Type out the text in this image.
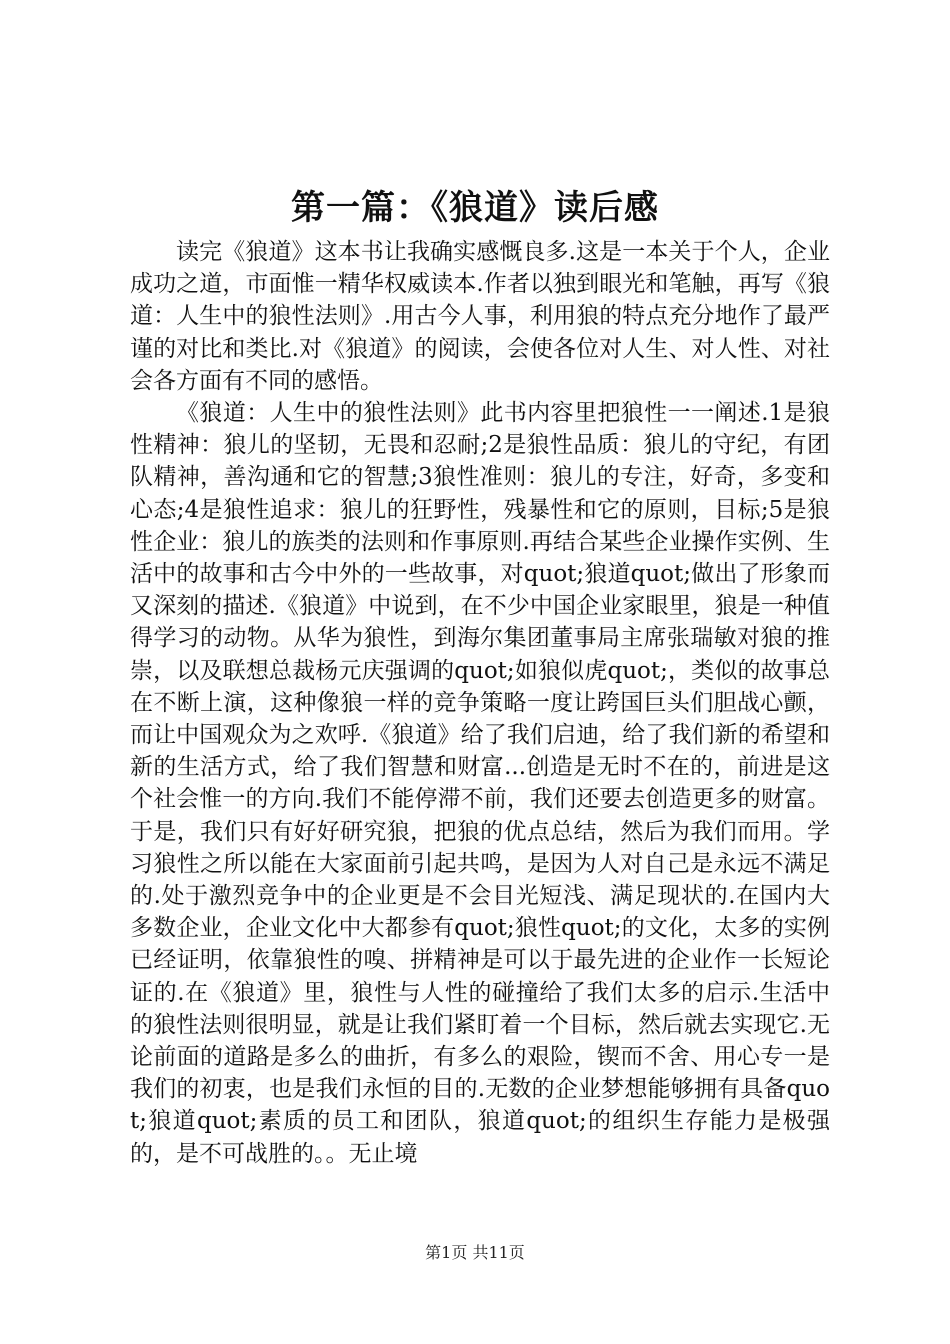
第一篇：《狼道》读后感

读完《狼道》这本书让我确实感慨良多.这是一本关于个人，企业成功之道，市面惟一精华权威读本.作者以独到眼光和笔触，再写《狼道：人生中的狼性法则》.用古今人事，利用狼的特点充分地作了最严谨的对比和类比.对《狼道》的阅读，会使各位对人生、对人性、对社会各方面有不同的感悟。

《狼道：人生中的狼性法则》此书内容里把狼性一一阐述.1是狼性精神：狼儿的坚韧，无畏和忍耐;2是狼性品质：狼儿的守纪，有团队精神，善沟通和它的智慧;3狼性准则：狼儿的专注，好奇，多变和心态;4是狼性追求：狼儿的狂野性，残暴性和它的原则，目标;5是狼性企业：狼儿的族类的法则和作事原则.再结合某些企业操作实例、生活中的故事和古今中外的一些故事，对quot;狼道quot;做出了形象而又深刻的描述.《狼道》中说到，在不少中国企业家眼里，狼是一种值得学习的动物。从华为狼性，到海尔集团董事局主席张瑞敏对狼的推崇，以及联想总裁杨元庆强调的quot;如狼似虎quot;，类似的故事总在不断上演，这种像狼一样的竞争策略一度让跨国巨头们胆战心颤，而让中国观众为之欢呼.《狼道》给了我们启迪，给了我们新的希望和新的生活方式，给了我们智慧和财富...创造是无时不在的，前进是这个社会惟一的方向.我们不能停滞不前，我们还要去创造更多的财富。于是，我们只有好好研究狼，把狼的优点总结，然后为我们而用。学习狼性之所以能在大家面前引起共鸣，是因为人对自己是永远不满足的.处于激烈竞争中的企业更是不会目光短浅、满足现状的.在国内大多数企业，企业文化中大都参有quot;狼性quot;的文化，太多的实例已经证明，依靠狼性的嗅、拼精神是可以于最先进的企业作一长短论证的.在《狼道》里，狼性与人性的碰撞给了我们太多的启示.生活中的狼性法则很明显，就是让我们紧盯着一个目标，然后就去实现它.无论前面的道路是多么的曲折，有多么的艰险，锲而不舍、用心专一是我们的初衷，也是我们永恒的目的.无数的企业梦想能够拥有具备quot;狼道quot;素质的员工和团队，狼道quot;的组织生存能力是极强的，是不可战胜的。。无止境

第1页 共11页
